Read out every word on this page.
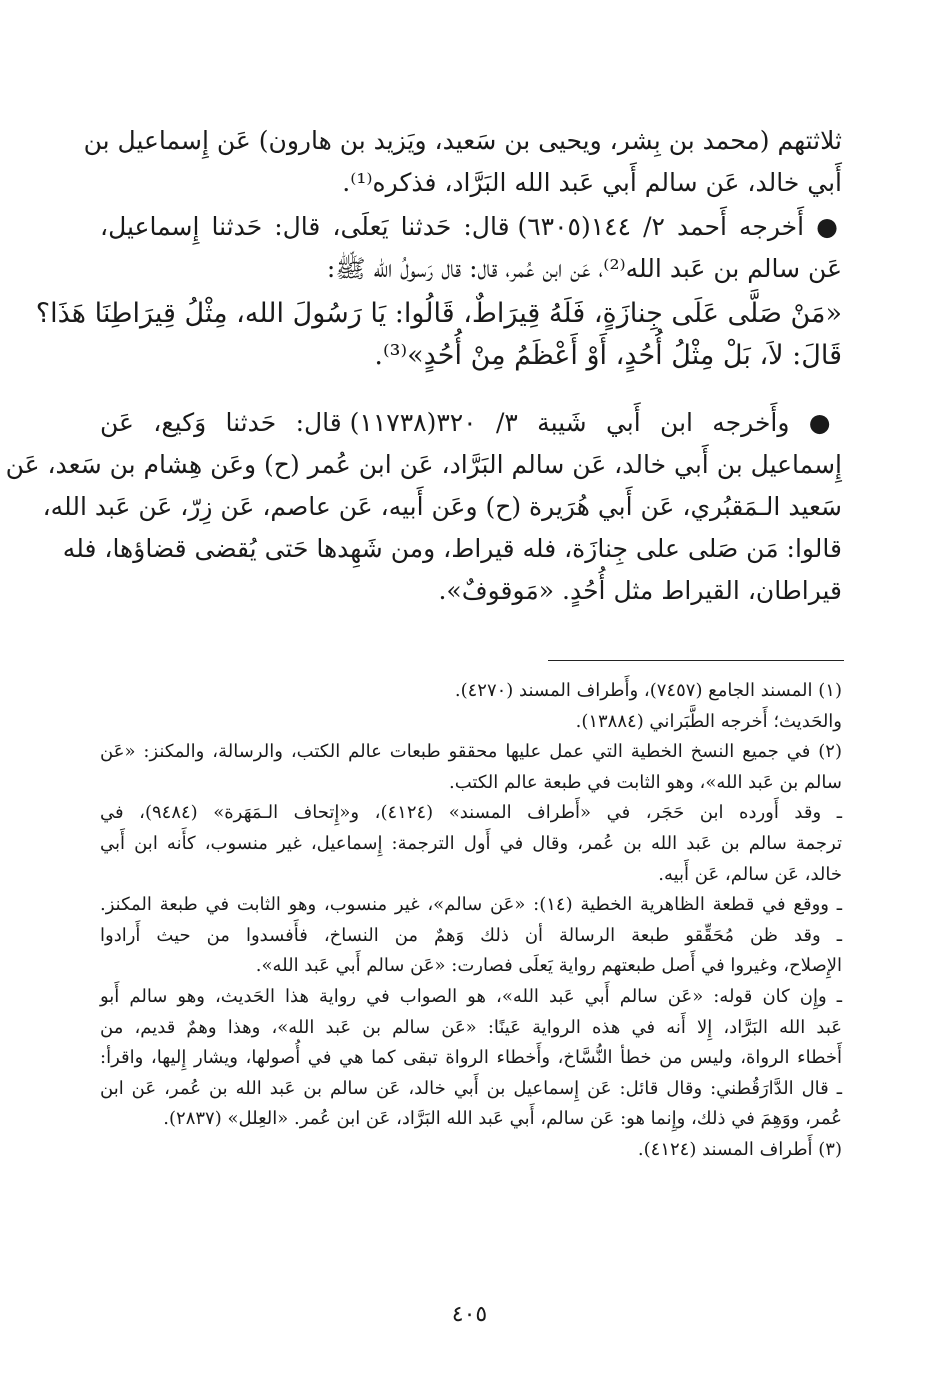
ثلاثتهم (محمد بن بِشر، ويحيى بن سَعيد، ويَزيد بن هارون) عَن إِسماعيل بن
أَبي خالد، عَن سالم أَبي عَبد الله البَرَّاد، فذكره⁽¹⁾.
● أَخرجه أَحمد ٢/ ١٤٤(٦٣٠٥) قال: حَدثنا يَعلَى، قال: حَدثنا إِسماعيل،
عَن سالم بن عَبد الله⁽²⁾، عَن ابن عُمر، قال: قال رَسولُ الله ﷺ:
«مَنْ صَلَّى عَلَى جِنازَةٍ، فَلَهُ قِيرَاطٌ، قَالُوا: يَا رَسُولَ الله، مِثْلُ قِيرَاطِنَا هَذَا؟
قَالَ: لاَ، بَلْ مِثْلُ أُحُدٍ، أَوْ أَعْظَمُ مِنْ أُحُدٍ»⁽³⁾.
● وأَخرجه ابن أَبي شَيبة ٣/ ٣٢٠(١١٧٣٨) قال: حَدثنا وَكيع، عَن
إِسماعيل بن أَبي خالد، عَن سالم البَرَّاد، عَن ابن عُمر (ح) وعَن هِشام بن سَعد، عَن
سَعيد الـمَقبُري، عَن أَبي هُرَيرة (ح) وعَن أَبيه، عَن عاصم، عَن زِرّ، عَن عَبد الله،
قالوا: مَن صَلى على جِنازَة، فله قيراط، ومن شَهِدها حَتى يُقضى قضاؤها، فله
قيراطان، القيراط مثل أُحُدٍ. «مَوقوفٌ».
(١) المسند الجامع (٧٤٥٧)، وأَطراف المسند (٤٢٧٠).
والحَديث؛ أَخرجه الطَّبَراني (١٣٨٨٤).
(٢) في جميع النسخ الخطية التي عمل عليها محققو طبعات عالم الكتب، والرسالة، والمكنز: «عَن
سالم بن عَبد الله»، وهو الثابت في طبعة عالم الكتب.
ـ وقد أَورده ابن حَجَر، في «أَطراف المسند» (٤١٢٤)، و«إِتحاف الـمَهَرة» (٩٤٨٤)، في
ترجمة سالم بن عَبد الله بن عُمر، وقال في أَول الترجمة: إِسماعيل، غير منسوب، كأَنه ابن أَبي
خالد، عَن سالم، عَن أَبيه.
ـ ووقع في قطعة الظاهرية الخطية (١٤): «عَن سالم»، غير منسوب، وهو الثابت في طبعة المكنز.
ـ وقد ظن مُحَقِّقو طبعة الرسالة أن ذلك وَهمٌ من النساخ، فأَفسدوا من حيث أَرادوا
الإِصلاح، وغيروا في أَصل طبعتهم رواية يَعلَى فصارت: «عَن سالم أَبي عَبد الله».
ـ وإِن كان قوله: «عَن سالم أَبي عَبد الله»، هو الصواب في رواية هذا الحَديث، وهو سالم أَبو
عَبد الله البَرَّاد، إِلا أَنه في هذه الرواية عَينًا: «عَن سالم بن عَبد الله»، وهذا وهمٌ قديم، من
أَخطاء الرواة، وليس من خطأ النُّسَّاخ، وأَخطاء الرواة تبقى كما هي في أُصولها، ويشار إِليها، واقرأ:
ـ قال الدَّارَقُطني: وقال قائل: عَن إِسماعيل بن أَبي خالد، عَن سالم بن عَبد الله بن عُمر، عَن ابن
عُمر، ووَهِمَ في ذلك، وإِنما هو: عَن سالم، أَبي عَبد الله البَرَّاد، عَن ابن عُمر. «العِلل» (٢٨٣٧).
(٣) أَطراف المسند (٤١٢٤).
٤٠٥
